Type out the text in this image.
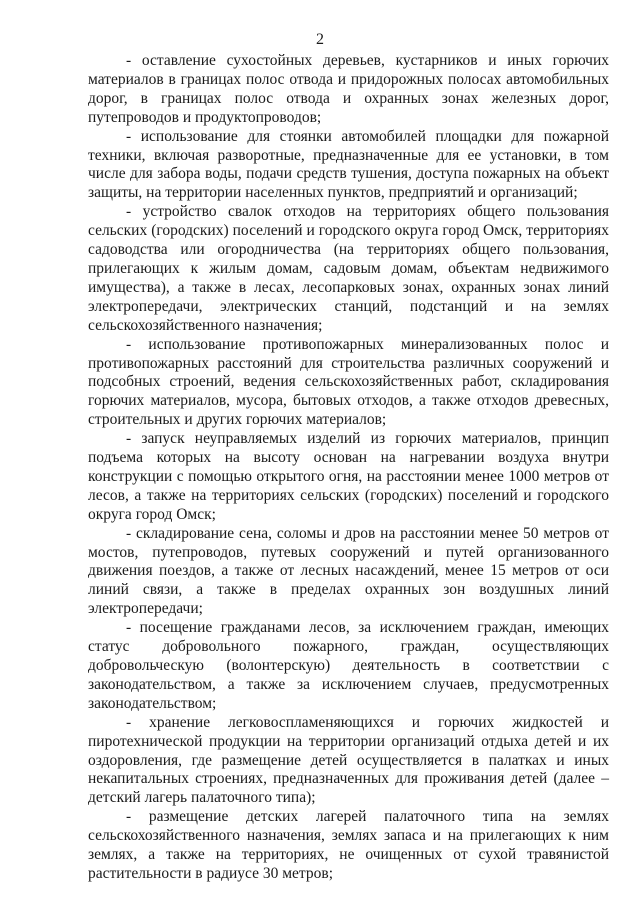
2

- оставление сухостойных деревьев, кустарников и иных горючих материалов в границах полос отвода и придорожных полосах автомобильных дорог, в границах полос отвода и охранных зонах железных дорог, путепроводов и продуктопроводов;

- использование для стоянки автомобилей площадки для пожарной техники, включая разворотные, предназначенные для ее установки, в том числе для забора воды, подачи средств тушения, доступа пожарных на объект защиты, на территории населенных пунктов, предприятий и организаций;

- устройство свалок отходов на территориях общего пользования сельских (городских) поселений и городского округа город Омск, территориях садоводства или огородничества (на территориях общего пользования, прилегающих к жилым домам, садовым домам, объектам недвижимого имущества), а также в лесах, лесопарковых зонах, охранных зонах линий электропередачи, электрических станций, подстанций и на землях сельскохозяйственного назначения;

- использование противопожарных минерализованных полос и противопожарных расстояний для строительства различных сооружений и подсобных строений, ведения сельскохозяйственных работ, складирования горючих материалов, мусора, бытовых отходов, а также отходов древесных, строительных и других горючих материалов;

- запуск неуправляемых изделий из горючих материалов, принцип подъема которых на высоту основан на нагревании воздуха внутри конструкции с помощью открытого огня, на расстоянии менее 1000 метров от лесов, а также на территориях сельских (городских) поселений и городского округа город Омск;

- складирование сена, соломы и дров на расстоянии менее 50 метров от мостов, путепроводов, путевых сооружений и путей организованного движения поездов, а также от лесных насаждений, менее 15 метров от оси линий связи, а также в пределах охранных зон воздушных линий электропередачи;

- посещение гражданами лесов, за исключением граждан, имеющих статус добровольного пожарного, граждан, осуществляющих добровольческую (волонтерскую) деятельность в соответствии с законодательством, а также за исключением случаев, предусмотренных законодательством;

- хранение легковоспламеняющихся и горючих жидкостей и пиротехнической продукции на территории организаций отдыха детей и их оздоровления, где размещение детей осуществляется в палатках и иных некапитальных строениях, предназначенных для проживания детей (далее – детский лагерь палаточного типа);

- размещение детских лагерей палаточного типа на землях сельскохозяйственного назначения, землях запаса и на прилегающих к ним землях, а также на территориях, не очищенных от сухой травянистой растительности в радиусе 30 метров;
